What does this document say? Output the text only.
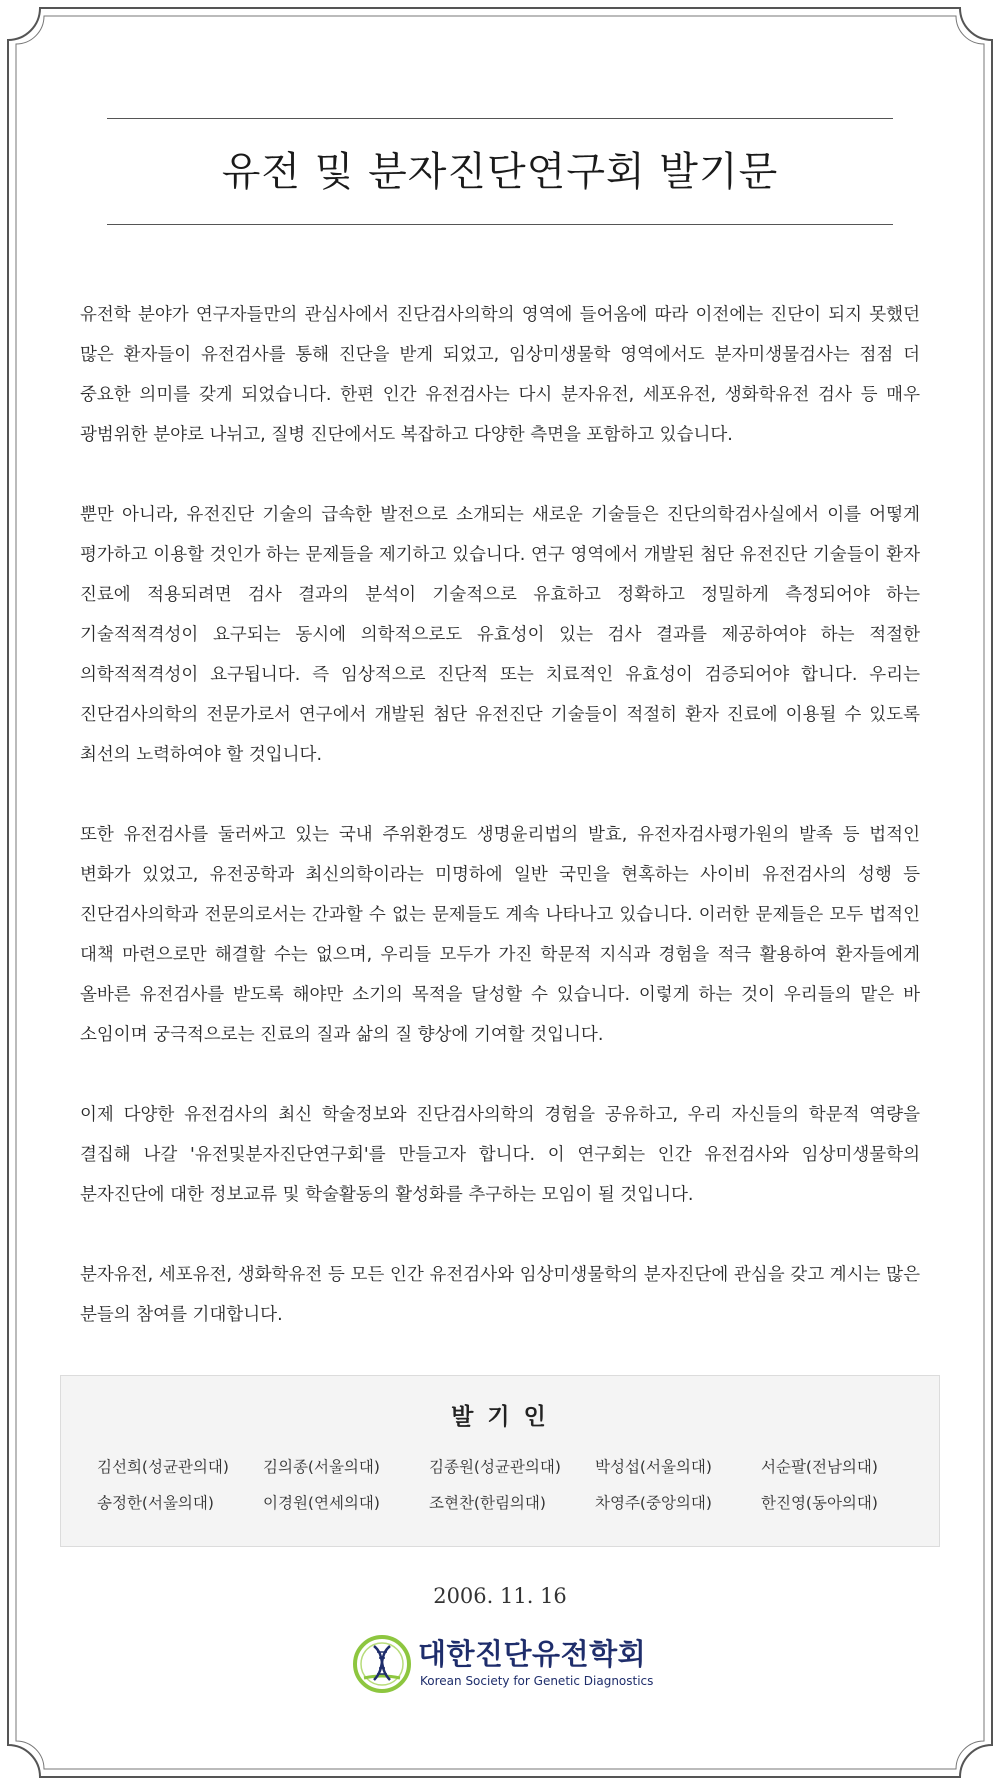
유전 및 분자진단연구회 발기문

유전학 분야가 연구자들만의 관심사에서 진단검사의학의 영역에 들어옴에 따라 이전에는 진단이 되지 못했던 많은 환자들이 유전검사를 통해 진단을 받게 되었고, 임상미생물학 영역에서도 분자미생물검사는 점점 더 중요한 의미를 갖게 되었습니다. 한편 인간 유전검사는 다시 분자유전, 세포유전, 생화학유전 검사 등 매우 광범위한 분야로 나뉘고, 질병 진단에서도 복잡하고 다양한 측면을 포함하고 있습니다.

뿐만 아니라, 유전진단 기술의 급속한 발전으로 소개되는 새로운 기술들은 진단의학검사실에서 이를 어떻게 평가하고 이용할 것인가 하는 문제들을 제기하고 있습니다. 연구 영역에서 개발된 첨단 유전진단 기술들이 환자 진료에 적용되려면 검사 결과의 분석이 기술적으로 유효하고 정확하고 정밀하게 측정되어야 하는 기술적적격성이 요구되는 동시에 의학적으로도 유효성이 있는 검사 결과를 제공하여야 하는 적절한 의학적적격성이 요구됩니다. 즉 임상적으로 진단적 또는 치료적인 유효성이 검증되어야 합니다. 우리는 진단검사의학의 전문가로서 연구에서 개발된 첨단 유전진단 기술들이 적절히 환자 진료에 이용될 수 있도록 최선의 노력하여야 할 것입니다.

또한 유전검사를 둘러싸고 있는 국내 주위환경도 생명윤리법의 발효, 유전자검사평가원의 발족 등 법적인 변화가 있었고, 유전공학과 최신의학이라는 미명하에 일반 국민을 현혹하는 사이비 유전검사의 성행 등 진단검사의학과 전문의로서는 간과할 수 없는 문제들도 계속 나타나고 있습니다. 이러한 문제들은 모두 법적인 대책 마련으로만 해결할 수는 없으며, 우리들 모두가 가진 학문적 지식과 경험을 적극 활용하여 환자들에게 올바른 유전검사를 받도록 해야만 소기의 목적을 달성할 수 있습니다. 이렇게 하는 것이 우리들의 맡은 바 소임이며 궁극적으로는 진료의 질과 삶의 질 향상에 기여할 것입니다.

이제 다양한 유전검사의 최신 학술정보와 진단검사의학의 경험을 공유하고, 우리 자신들의 학문적 역량을 결집해 나갈 '유전및분자진단연구회'를 만들고자 합니다. 이 연구회는 인간 유전검사와 임상미생물학의 분자진단에 대한 정보교류 및 학술활동의 활성화를 추구하는 모임이 될 것입니다.

분자유전, 세포유전, 생화학유전 등 모든 인간 유전검사와 임상미생물학의 분자진단에 관심을 갖고 계시는 많은 분들의 참여를 기대합니다.

발 기 인
김선희(성균관의대)	김의종(서울의대)	김종원(성균관의대)	박성섭(서울의대)	서순팔(전남의대)
송정한(서울의대)	이경원(연세의대)	조현찬(한림의대)	차영주(중앙의대)	한진영(동아의대)
2006. 11. 16
대한진단유전학회
Korean Society for Genetic Diagnostics
